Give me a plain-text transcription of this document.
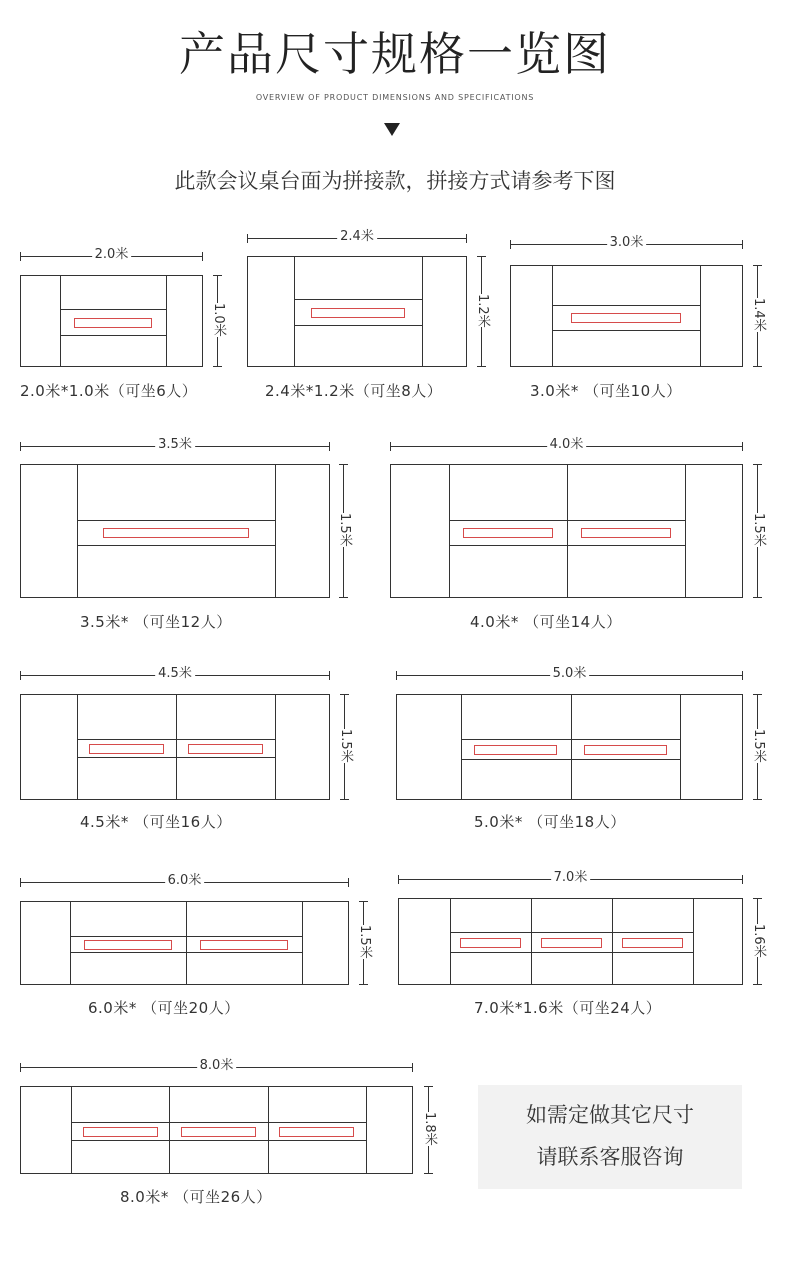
产品尺寸规格一览图
OVERVIEW OF PRODUCT DIMENSIONS AND SPECIFICATIONS
此款会议桌台面为拼接款，拼接方式请参考下图
2.0米
1.0米
2.0米*1.0米（可坐6人）
2.4米
1.2米
2.4米*1.2米（可坐8人）
3.0米
1.4米
3.0米* （可坐10人）
3.5米
1.5米
3.5米* （可坐12人）
4.0米
1.5米
4.0米* （可坐14人）
4.5米
1.5米
4.5米* （可坐16人）
5.0米
1.5米
5.0米* （可坐18人）
6.0米
1.5米
6.0米* （可坐20人）
7.0米
1.6米
7.0米*1.6米（可坐24人）
8.0米
1.8米
8.0米* （可坐26人）
如需定做其它尺寸
请联系客服咨询
